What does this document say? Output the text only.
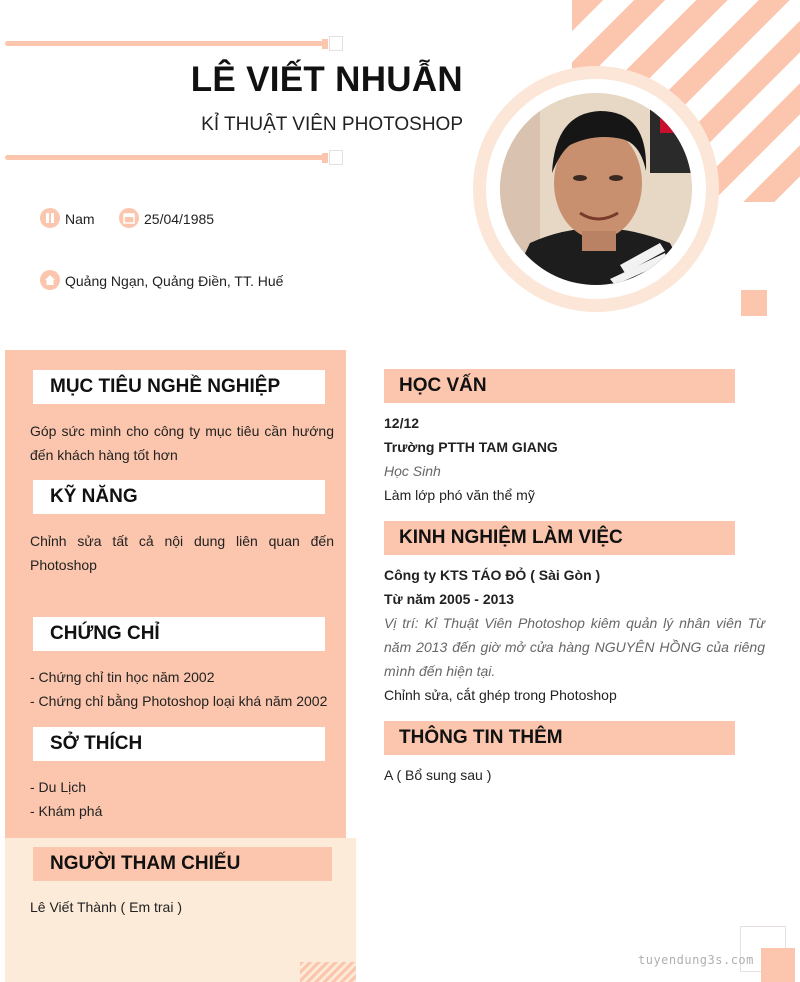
LÊ VIẾT NHUẪN
KỈ THUẬT VIÊN PHOTOSHOP
Nam	25/04/1985
Quảng Ngạn, Quảng Điền, TT. Huế
MỤC TIÊU NGHỀ NGHIỆP
Góp sức mình cho công ty mục tiêu cần hướng đến khách hàng tốt hơn
KỸ NĂNG
Chỉnh sửa tất cả nội dung liên quan đến Photoshop
CHỨNG CHỈ
- Chứng chỉ tin học năm 2002
- Chứng chỉ bằng Photoshop loại khá năm 2002
SỞ THÍCH
- Du Lịch
- Khám phá
NGƯỜI THAM CHIẾU
Lê Viết Thành ( Em trai )
HỌC VẤN
12/12
Trường PTTH TAM GIANG
Học Sinh
Làm lớp phó văn thể mỹ
KINH NGHIỆM LÀM VIỆC
Công ty KTS TÁO ĐỎ ( Sài Gòn )
Từ năm 2005 - 2013
Vị trí: Kỉ Thuật Viên Photoshop kiêm quản lý nhân viên Từ năm 2013 đến giờ mở cửa hàng NGUYÊN HỒNG của riêng mình đến hiện tại.
Chỉnh sửa, cắt ghép trong Photoshop
THÔNG TIN THÊM
A ( Bổ sung sau )
tuyendung3s.com
